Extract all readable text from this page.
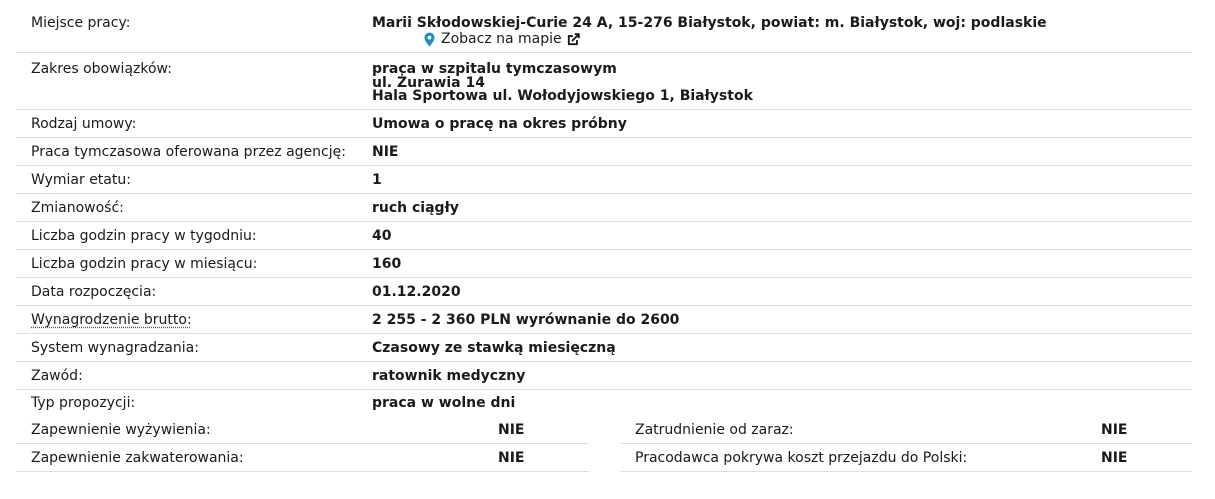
Miejsce pracy:	Marii Skłodowskiej-Curie 24 A, 15-276 Białystok, powiat: m. Białystok, woj: podlaskie
Zobacz na mapie
Zakres obowiązków:	praca w szpitalu tymczasowym
ul. Żurawia 14
Hala Sportowa ul. Wołodyjowskiego 1, Białystok
Rodzaj umowy:	Umowa o pracę na okres próbny
Praca tymczasowa oferowana przez agencję:	NIE
Wymiar etatu:	1
Zmianowość:	ruch ciągły
Liczba godzin pracy w tygodniu:	40
Liczba godzin pracy w miesiącu:	160
Data rozpoczęcia:	01.12.2020
Wynagrodzenie brutto:	2 255 - 2 360 PLN wyrównanie do 2600
System wynagradzania:	Czasowy ze stawką miesięczną
Zawód:	ratownik medyczny
Typ propozycji:	praca w wolne dni
Zapewnienie wyżywienia:	NIE
Zapewnienie zakwaterowania:	NIE
Zatrudnienie od zaraz:	NIE
Pracodawca pokrywa koszt przejazdu do Polski:	NIE
